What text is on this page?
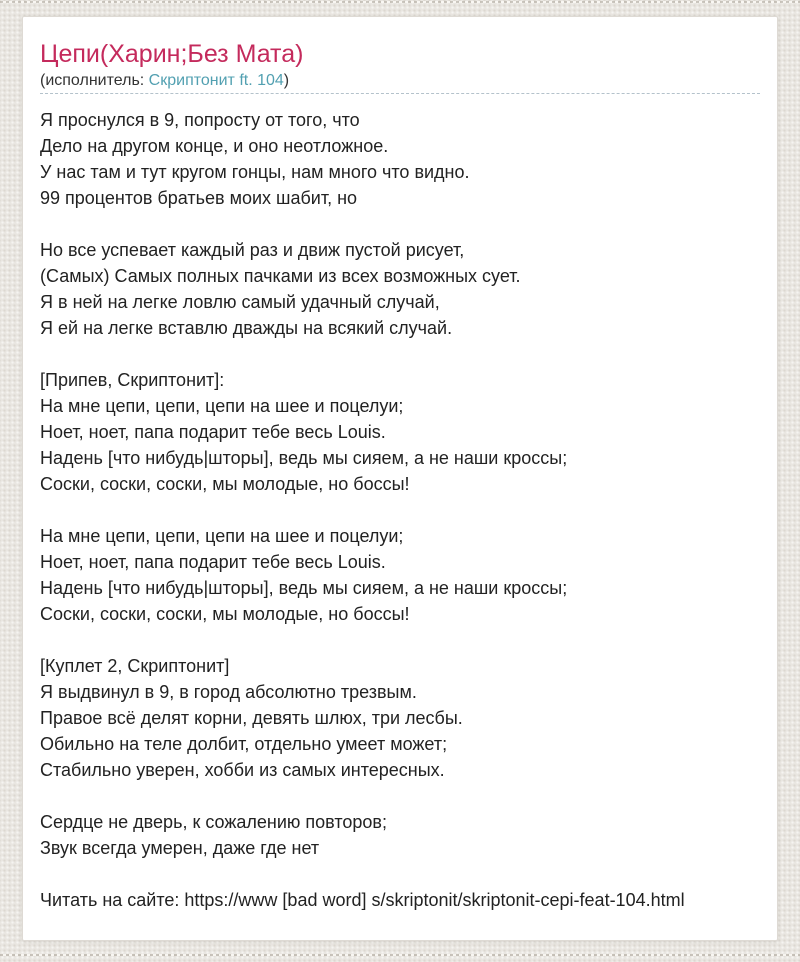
Цепи(Харин;Без Мата)
(исполнитель: Скриптонит ft. 104)
Я проснулся в 9, попросту от того, что
Дело на другом конце, и оно неотложное.
У нас там и тут кругом гонцы, нам много что видно.
99 процентов братьев моих шабит, но
Но все успевает каждый раз и движ пустой рисует,
(Самых) Самых полных пачками из всех возможных сует.
Я в ней на легке ловлю самый удачный случай,
Я ей на легке вставлю дважды на всякий случай.
[Припев, Скриптонит]:
На мне цепи, цепи, цепи на шее и поцелуи;
Ноет, ноет, папа подарит тебе весь Louis.
Надень [что нибудь|шторы], ведь мы сияем, а не наши кроссы;
Соски, соски, соски, мы молодые, но боссы!
На мне цепи, цепи, цепи на шее и поцелуи;
Ноет, ноет, папа подарит тебе весь Louis.
Надень [что нибудь|шторы], ведь мы сияем, а не наши кроссы;
Соски, соски, соски, мы молодые, но боссы!
[Куплет 2, Скриптонит]
Я выдвинул в 9, в город абсолютно трезвым.
Правое всё делят корни, девять шлюх, три лесбы.
Обильно на теле долбит, отдельно умеет может;
Стабильно уверен, хобби из самых интересных.
Сердце не дверь, к сожалению повторов;
Звук всегда умерен, даже где нет
Читать на сайте: https://www [bad word] s/skriptonit/skriptonit-cepi-feat-104.html
